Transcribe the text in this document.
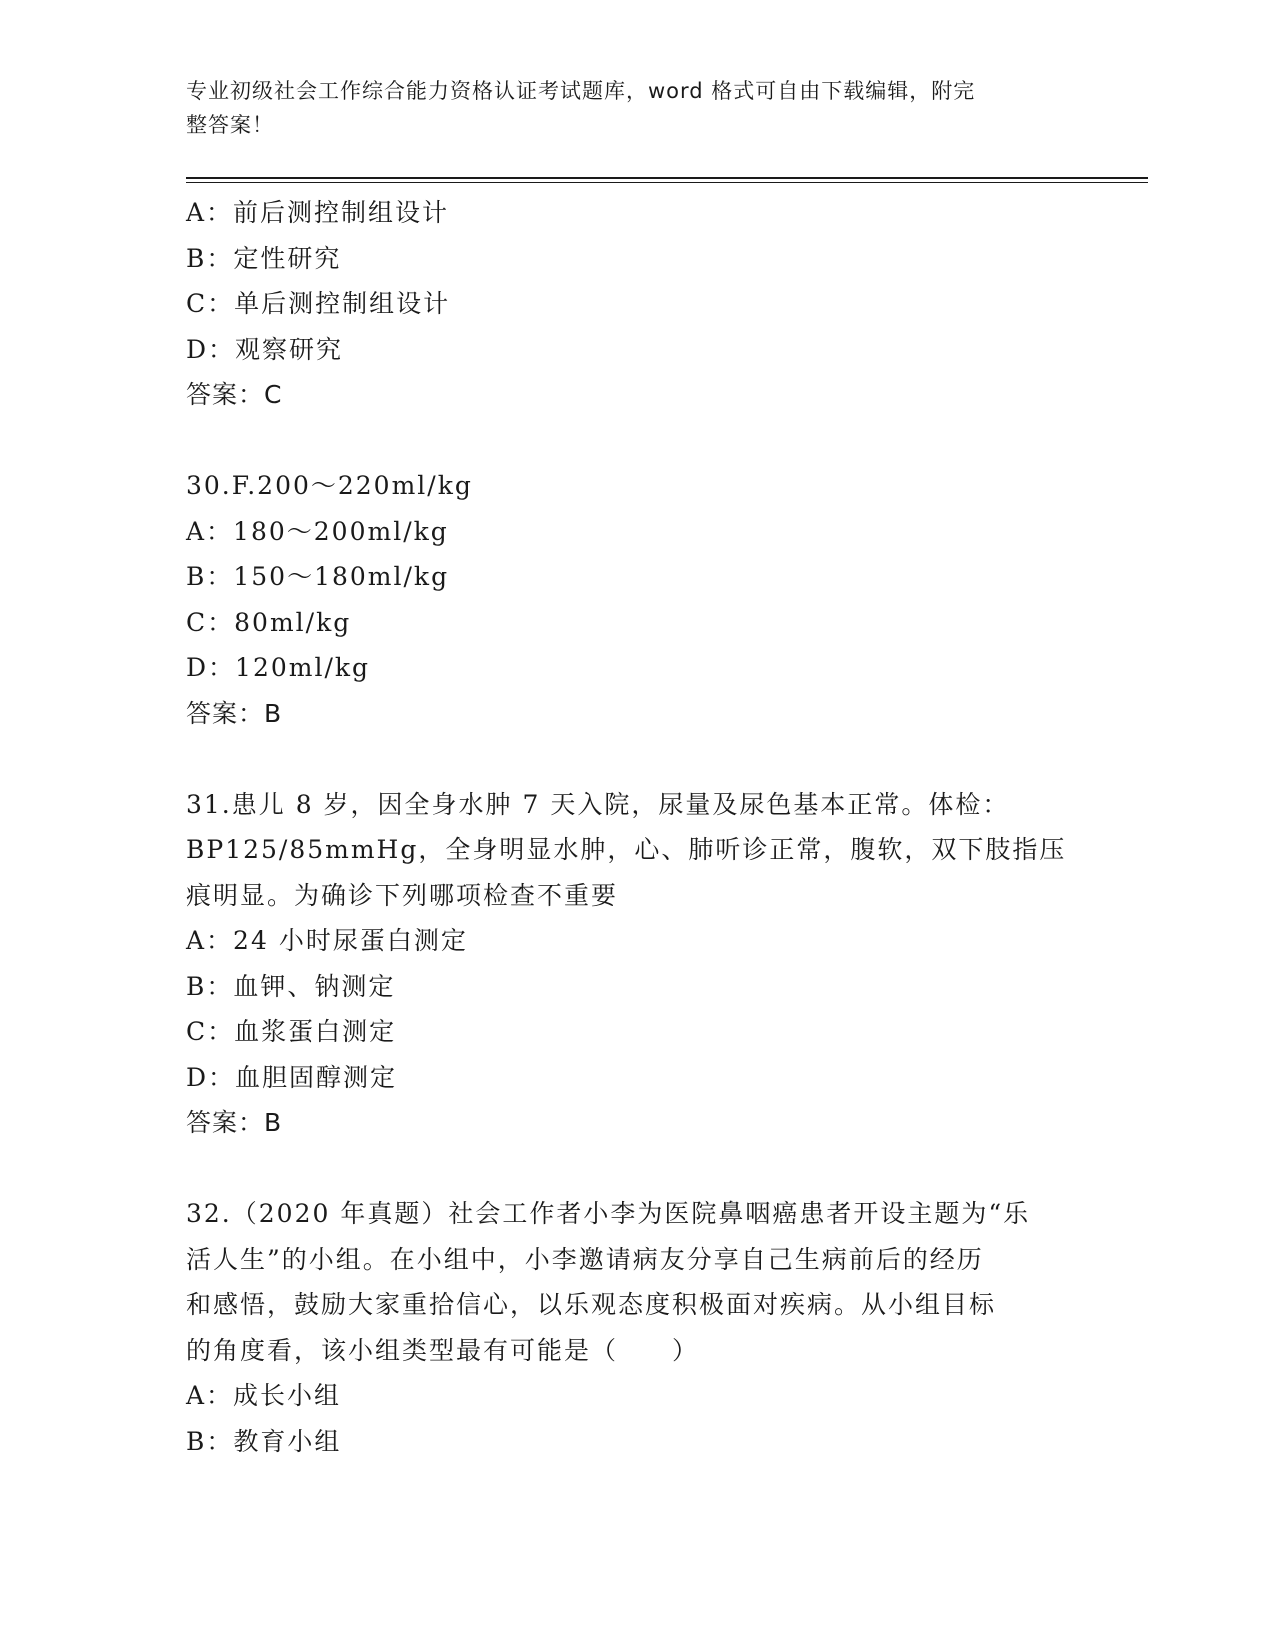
专业初级社会工作综合能力资格认证考试题库，word 格式可自由下载编辑，附完
整答案！
A：前后测控制组设计
B：定性研究
C：单后测控制组设计
D：观察研究
答案：C
30.F.200～220ml/kg
A：180～200ml/kg
B：150～180ml/kg
C：80ml/kg
D：120ml/kg
答案：B
31.患儿 8 岁，因全身水肿 7 天入院，尿量及尿色基本正常。体检：
BP125/85mmHg，全身明显水肿，心、肺听诊正常，腹软，双下肢指压
痕明显。为确诊下列哪项检查不重要
A：24 小时尿蛋白测定
B：血钾、钠测定
C：血浆蛋白测定
D：血胆固醇测定
答案：B
32.（2020 年真题）社会工作者小李为医院鼻咽癌患者开设主题为“乐
活人生”的小组。在小组中，小李邀请病友分享自己生病前后的经历
和感悟，鼓励大家重拾信心，以乐观态度积极面对疾病。从小组目标
的角度看，该小组类型最有可能是（　　）
A：成长小组
B：教育小组
